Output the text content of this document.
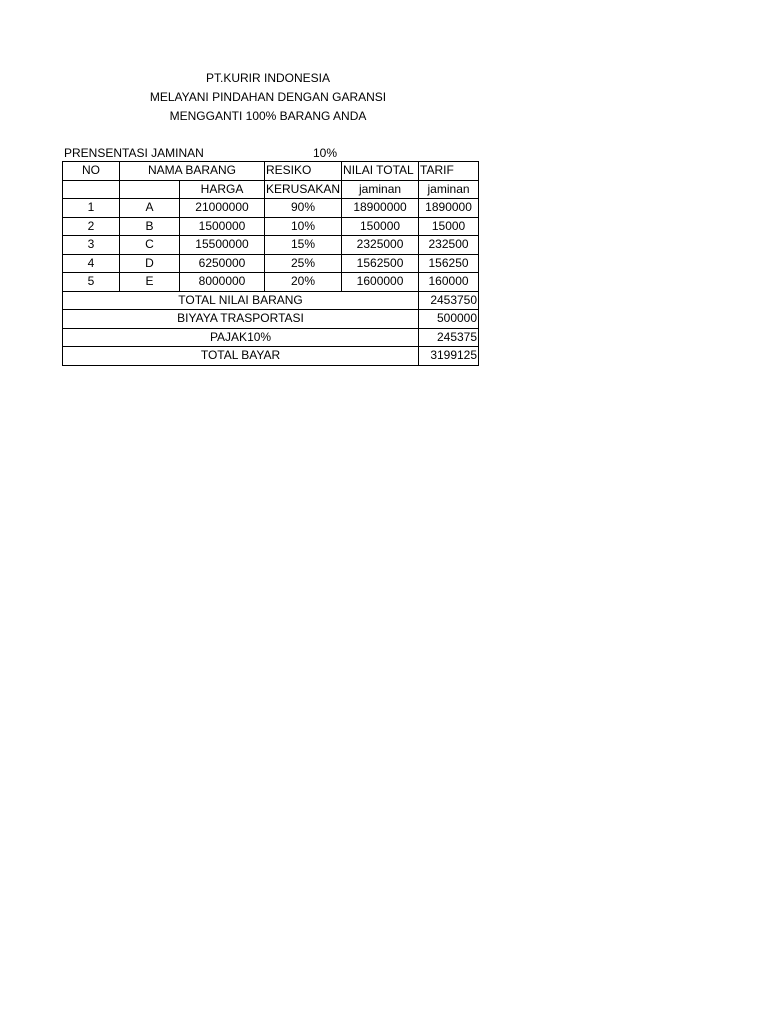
PT.KURIR INDONESIA
MELAYANI PINDAHAN DENGAN GARANSI
MENGGANTI 100% BARANG ANDA
PRENSENTASI JAMINAN	10%
NO	NAMA BARANG		RESIKO	NILAI TOTAL	TARIF
		HARGA	KERUSAKAN	jaminan	jaminan
1	A	21000000	90%	18900000	1890000
2	B	1500000	10%	150000	15000
3	C	15500000	15%	2325000	232500
4	D	6250000	25%	1562500	156250
5	E	8000000	20%	1600000	160000
TOTAL NILAI BARANG					2453750
BIYAYA TRASPORTASI					500000
PAJAK10%					245375
TOTAL BAYAR					3199125
